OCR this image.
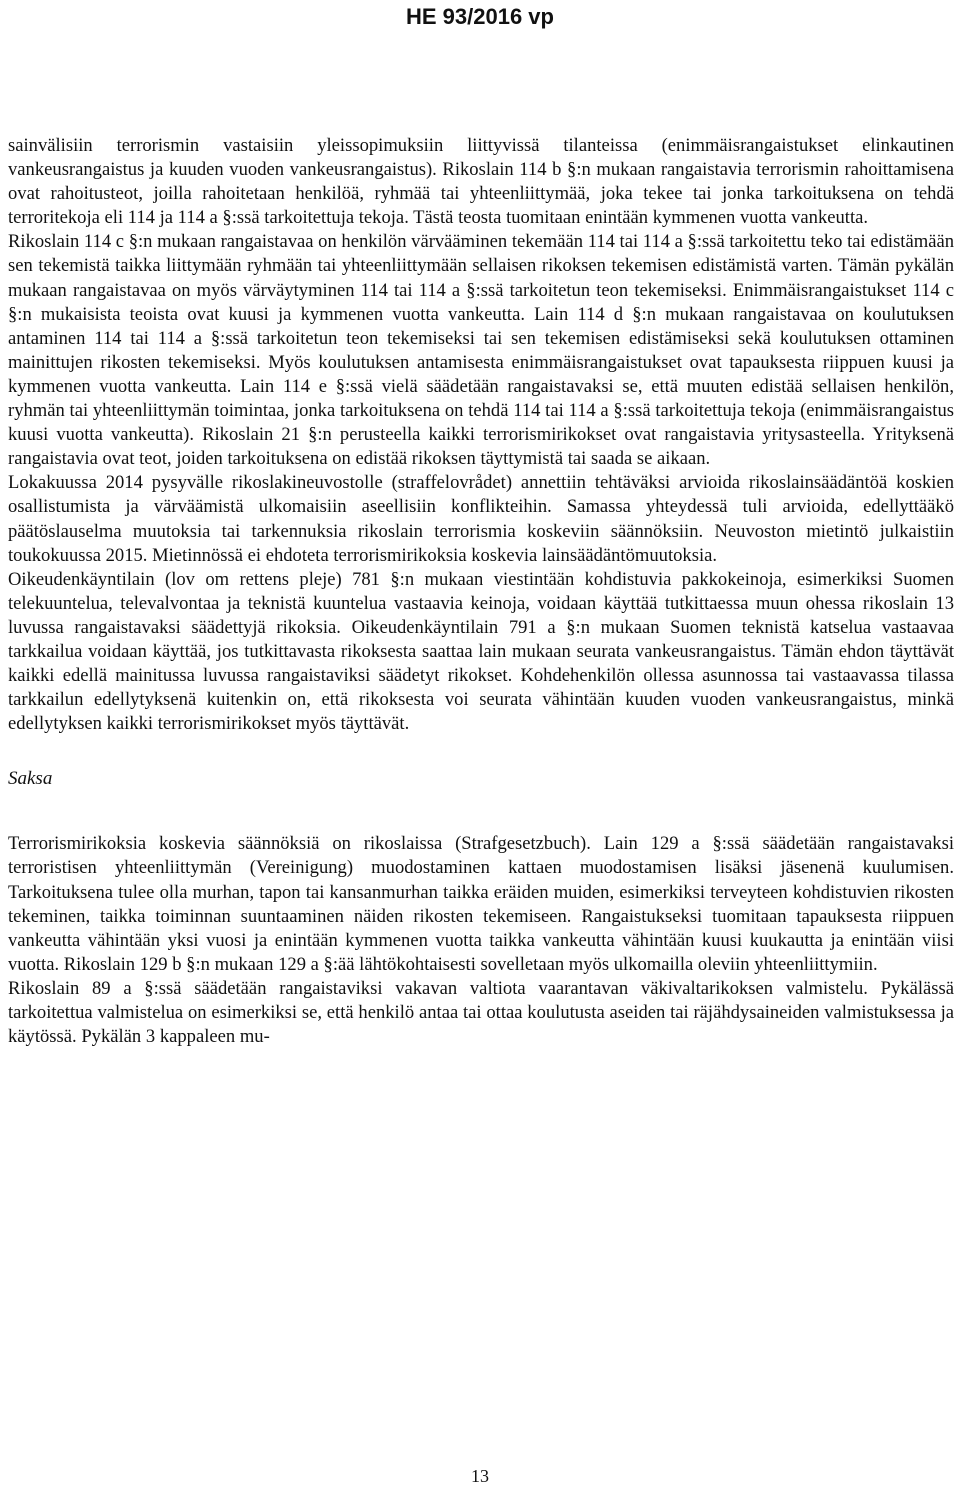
HE 93/2016 vp

sainvälisiin terrorismin vastaisiin yleissopimuksiin liittyvissä tilanteissa (enimmäisrangaistukset elinkautinen vankeusrangaistus ja kuuden vuoden vankeusrangaistus). Rikoslain 114 b §:n mukaan rangaistavia terrorismin rahoittamisena ovat rahoitusteot, joilla rahoitetaan henkilöä, ryhmää tai yhteenliittymää, joka tekee tai jonka tarkoituksena on tehdä terroritekoja eli 114 ja 114 a §:ssä tarkoitettuja tekoja. Tästä teosta tuomitaan enintään kymmenen vuotta vankeutta.

Rikoslain 114 c §:n mukaan rangaistavaa on henkilön värvääminen tekemään 114 tai 114 a §:ssä tarkoitettu teko tai edistämään sen tekemistä taikka liittymään ryhmään tai yhteenliittymään sellaisen rikoksen tekemisen edistämistä varten. Tämän pykälän mukaan rangaistavaa on myös värväytyminen 114 tai 114 a §:ssä tarkoitetun teon tekemiseksi. Enimmäisrangaistukset 114 c §:n mukaisista teoista ovat kuusi ja kymmenen vuotta vankeutta. Lain 114 d §:n mukaan rangaistavaa on koulutuksen antaminen 114 tai 114 a §:ssä tarkoitetun teon tekemiseksi tai sen tekemisen edistämiseksi sekä koulutuksen ottaminen mainittujen rikosten tekemiseksi. Myös koulutuksen antamisesta enimmäisrangaistukset ovat tapauksesta riippuen kuusi ja kymmenen vuotta vankeutta. Lain 114 e §:ssä vielä säädetään rangaistavaksi se, että muuten edistää sellaisen henkilön, ryhmän tai yhteenliittymän toimintaa, jonka tarkoituksena on tehdä 114 tai 114 a §:ssä tarkoitettuja tekoja (enimmäisrangaistus kuusi vuotta vankeutta). Rikoslain 21 §:n perusteella kaikki terrorismirikokset ovat rangaistavia yritysasteella. Yrityksenä rangaistavia ovat teot, joiden tarkoituksena on edistää rikoksen täyttymistä tai saada se aikaan.

Lokakuussa 2014 pysyvälle rikoslakineuvostolle (straffelovrådet) annettiin tehtäväksi arvioida rikoslainsäädäntöä koskien osallistumista ja värväämistä ulkomaisiin aseellisiin konflikteihin. Samassa yhteydessä tuli arvioida, edellyttääkö päätöslauselma muutoksia tai tarkennuksia rikoslain terrorismia koskeviin säännöksiin. Neuvoston mietintö julkaistiin toukokuussa 2015. Mietinnössä ei ehdoteta terrorismirikoksia koskevia lainsäädäntömuutoksia.

Oikeudenkäyntilain (lov om rettens pleje) 781 §:n mukaan viestintään kohdistuvia pakkokeinoja, esimerkiksi Suomen telekuuntelua, televalvontaa ja teknistä kuuntelua vastaavia keinoja, voidaan käyttää tutkittaessa muun ohessa rikoslain 13 luvussa rangaistavaksi säädettyjä rikoksia. Oikeudenkäyntilain 791 a §:n mukaan Suomen teknistä katselua vastaavaa tarkkailua voidaan käyttää, jos tutkittavasta rikoksesta saattaa lain mukaan seurata vankeusrangaistus. Tämän ehdon täyttävät kaikki edellä mainitussa luvussa rangaistaviksi säädetyt rikokset. Kohdehenkilön ollessa asunnossa tai vastaavassa tilassa tarkkailun edellytyksenä kuitenkin on, että rikoksesta voi seurata vähintään kuuden vuoden vankeusrangaistus, minkä edellytyksen kaikki terrorismirikokset myös täyttävät.

Saksa

Terrorismirikoksia koskevia säännöksiä on rikoslaissa (Strafgesetzbuch). Lain 129 a §:ssä säädetään rangaistavaksi terroristisen yhteenliittymän (Vereinigung) muodostaminen kattaen muodostamisen lisäksi jäsenenä kuulumisen. Tarkoituksena tulee olla murhan, tapon tai kansanmurhan taikka eräiden muiden, esimerkiksi terveyteen kohdistuvien rikosten tekeminen, taikka toiminnan suuntaaminen näiden rikosten tekemiseen. Rangaistukseksi tuomitaan tapauksesta riippuen vankeutta vähintään yksi vuosi ja enintään kymmenen vuotta taikka vankeutta vähintään kuusi kuukautta ja enintään viisi vuotta. Rikoslain 129 b §:n mukaan 129 a §:ää lähtökohtaisesti sovelletaan myös ulkomailla oleviin yhteenliittymiin.

Rikoslain 89 a §:ssä säädetään rangaistaviksi vakavan valtiota vaarantavan väkivaltarikoksen valmistelu. Pykälässä tarkoitettua valmistelua on esimerkiksi se, että henkilö antaa tai ottaa koulutusta aseiden tai räjähdysaineiden valmistuksessa ja käytössä. Pykälän 3 kappaleen mu-

13
